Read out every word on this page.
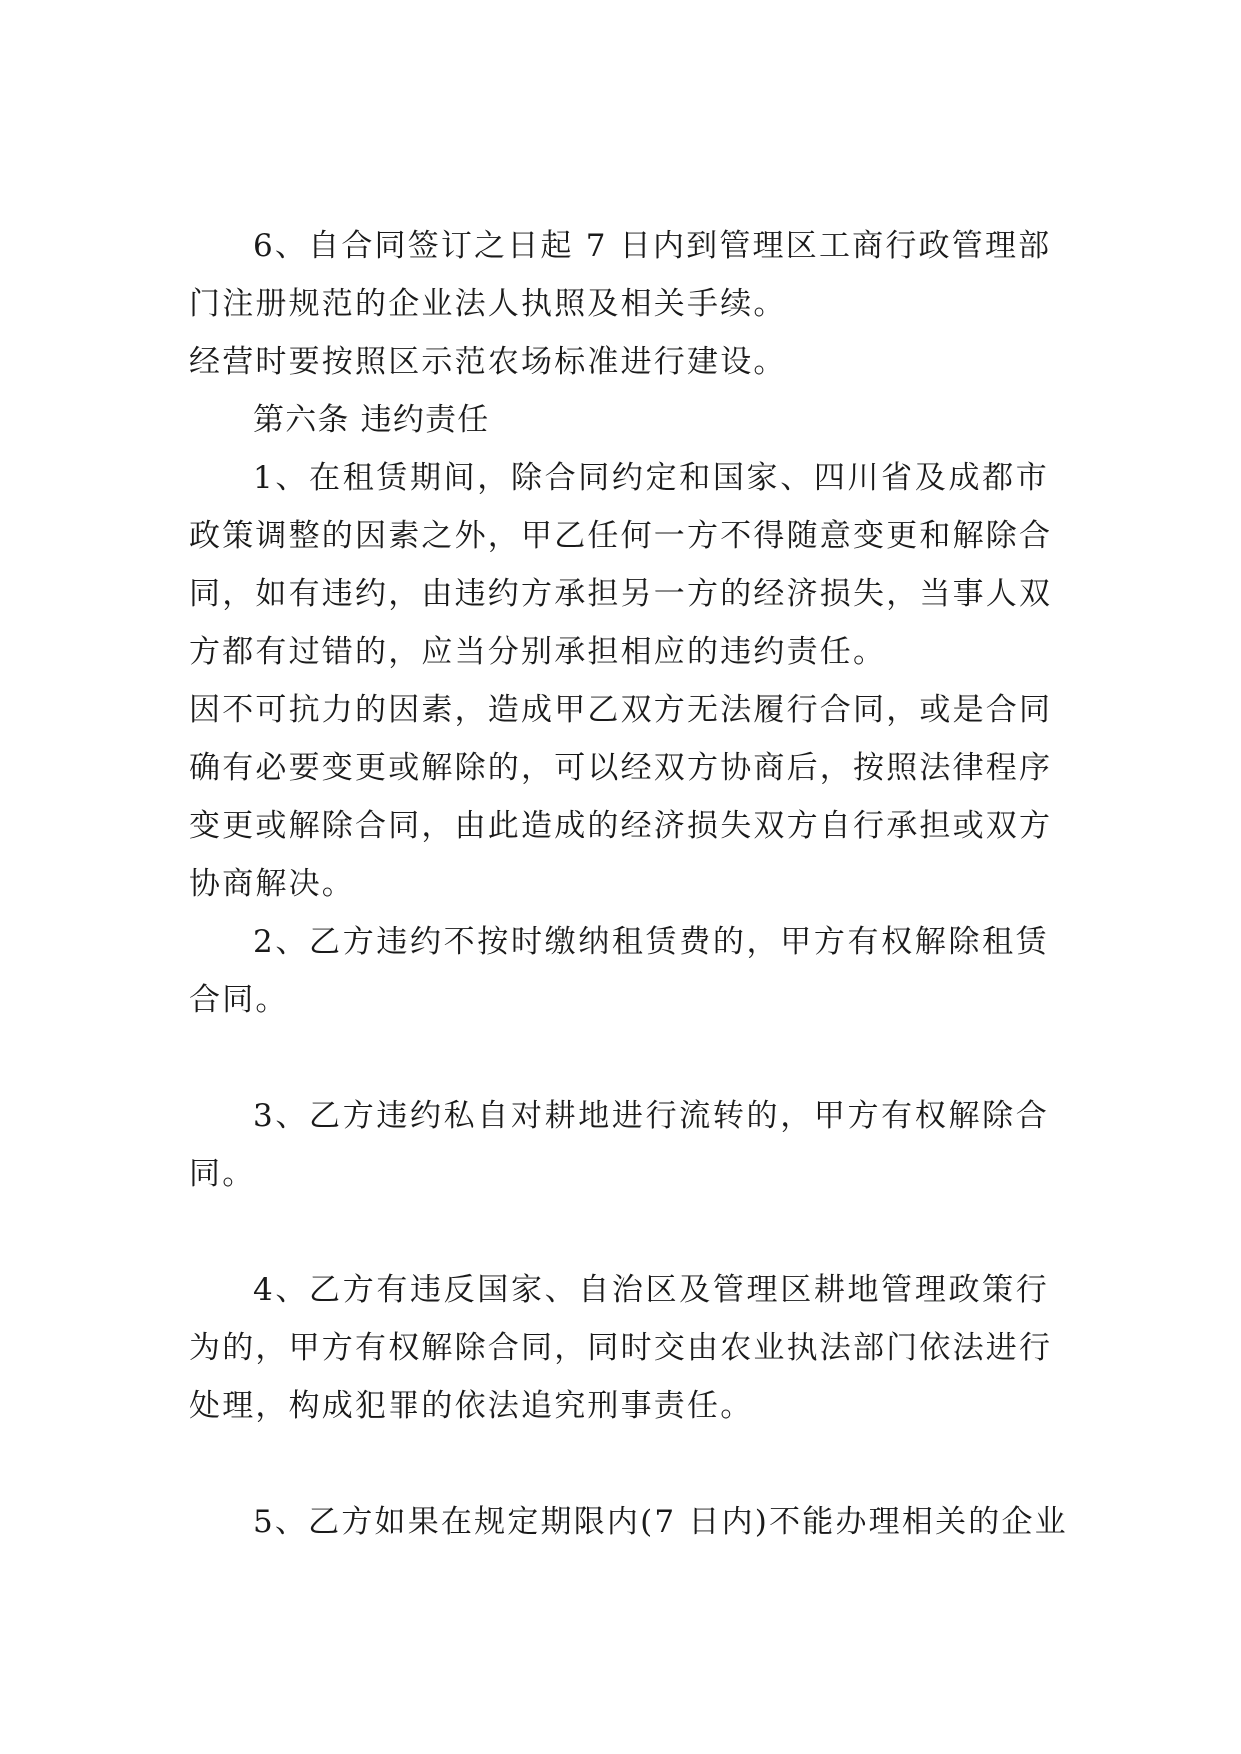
6、自合同签订之日起 7 日内到管理区工商行政管理部
门注册规范的企业法人执照及相关手续。
经营时要按照区示范农场标准进行建设。
第六条 违约责任
1、在租赁期间，除合同约定和国家、四川省及成都市
政策调整的因素之外，甲乙任何一方不得随意变更和解除合
同，如有违约，由违约方承担另一方的经济损失，当事人双
方都有过错的，应当分别承担相应的违约责任。
因不可抗力的因素，造成甲乙双方无法履行合同，或是合同
确有必要变更或解除的，可以经双方协商后，按照法律程序
变更或解除合同，由此造成的经济损失双方自行承担或双方
协商解决。
2、乙方违约不按时缴纳租赁费的，甲方有权解除租赁
合同。
3、乙方违约私自对耕地进行流转的，甲方有权解除合
同。
4、乙方有违反国家、自治区及管理区耕地管理政策行
为的，甲方有权解除合同，同时交由农业执法部门依法进行
处理，构成犯罪的依法追究刑事责任。
5、乙方如果在规定期限内(7 日内)不能办理相关的企业
